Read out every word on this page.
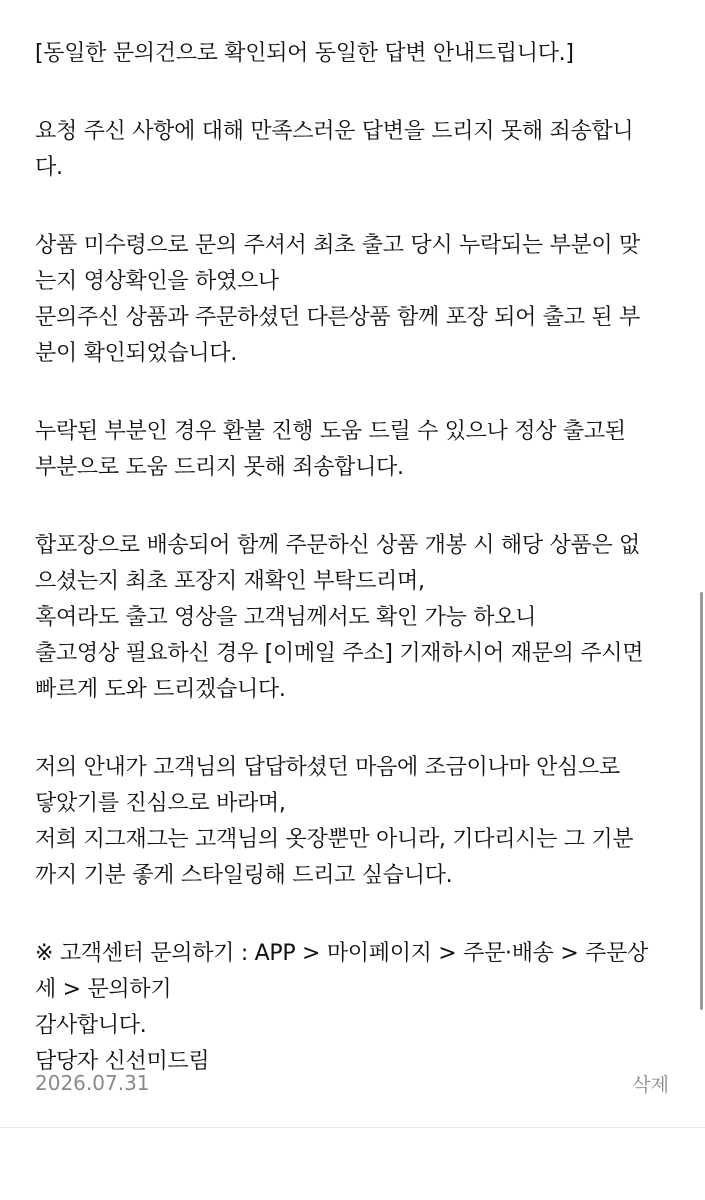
[동일한 문의건으로 확인되어 동일한 답변 안내드립니다.]
요청 주신 사항에 대해 만족스러운 답변을 드리지 못해 죄송합니
다.
상품 미수령으로 문의 주셔서 최초 출고 당시 누락되는 부분이 맞
는지 영상확인을 하였으나
문의주신 상품과 주문하셨던 다른상품 함께 포장 되어 출고 된 부
분이 확인되었습니다.
누락된 부분인 경우 환불 진행 도움 드릴 수 있으나 정상 출고된
부분으로 도움 드리지 못해 죄송합니다.
합포장으로 배송되어 함께 주문하신 상품 개봉 시 해당 상품은 없
으셨는지 최초 포장지 재확인 부탁드리며,
혹여라도 출고 영상을 고객님께서도 확인 가능 하오니
출고영상 필요하신 경우 [이메일 주소] 기재하시어 재문의 주시면
빠르게 도와 드리겠습니다.
저의 안내가 고객님의 답답하셨던 마음에 조금이나마 안심으로
닿았기를 진심으로 바라며,
저희 지그재그는 고객님의 옷장뿐만 아니라, 기다리시는 그 기분
까지 기분 좋게 스타일링해 드리고 싶습니다.
※ 고객센터 문의하기 : APP > 마이페이지 > 주문·배송 > 주문상
세 > 문의하기
감사합니다.
담당자 신선미드림
2026.07.31	삭제
